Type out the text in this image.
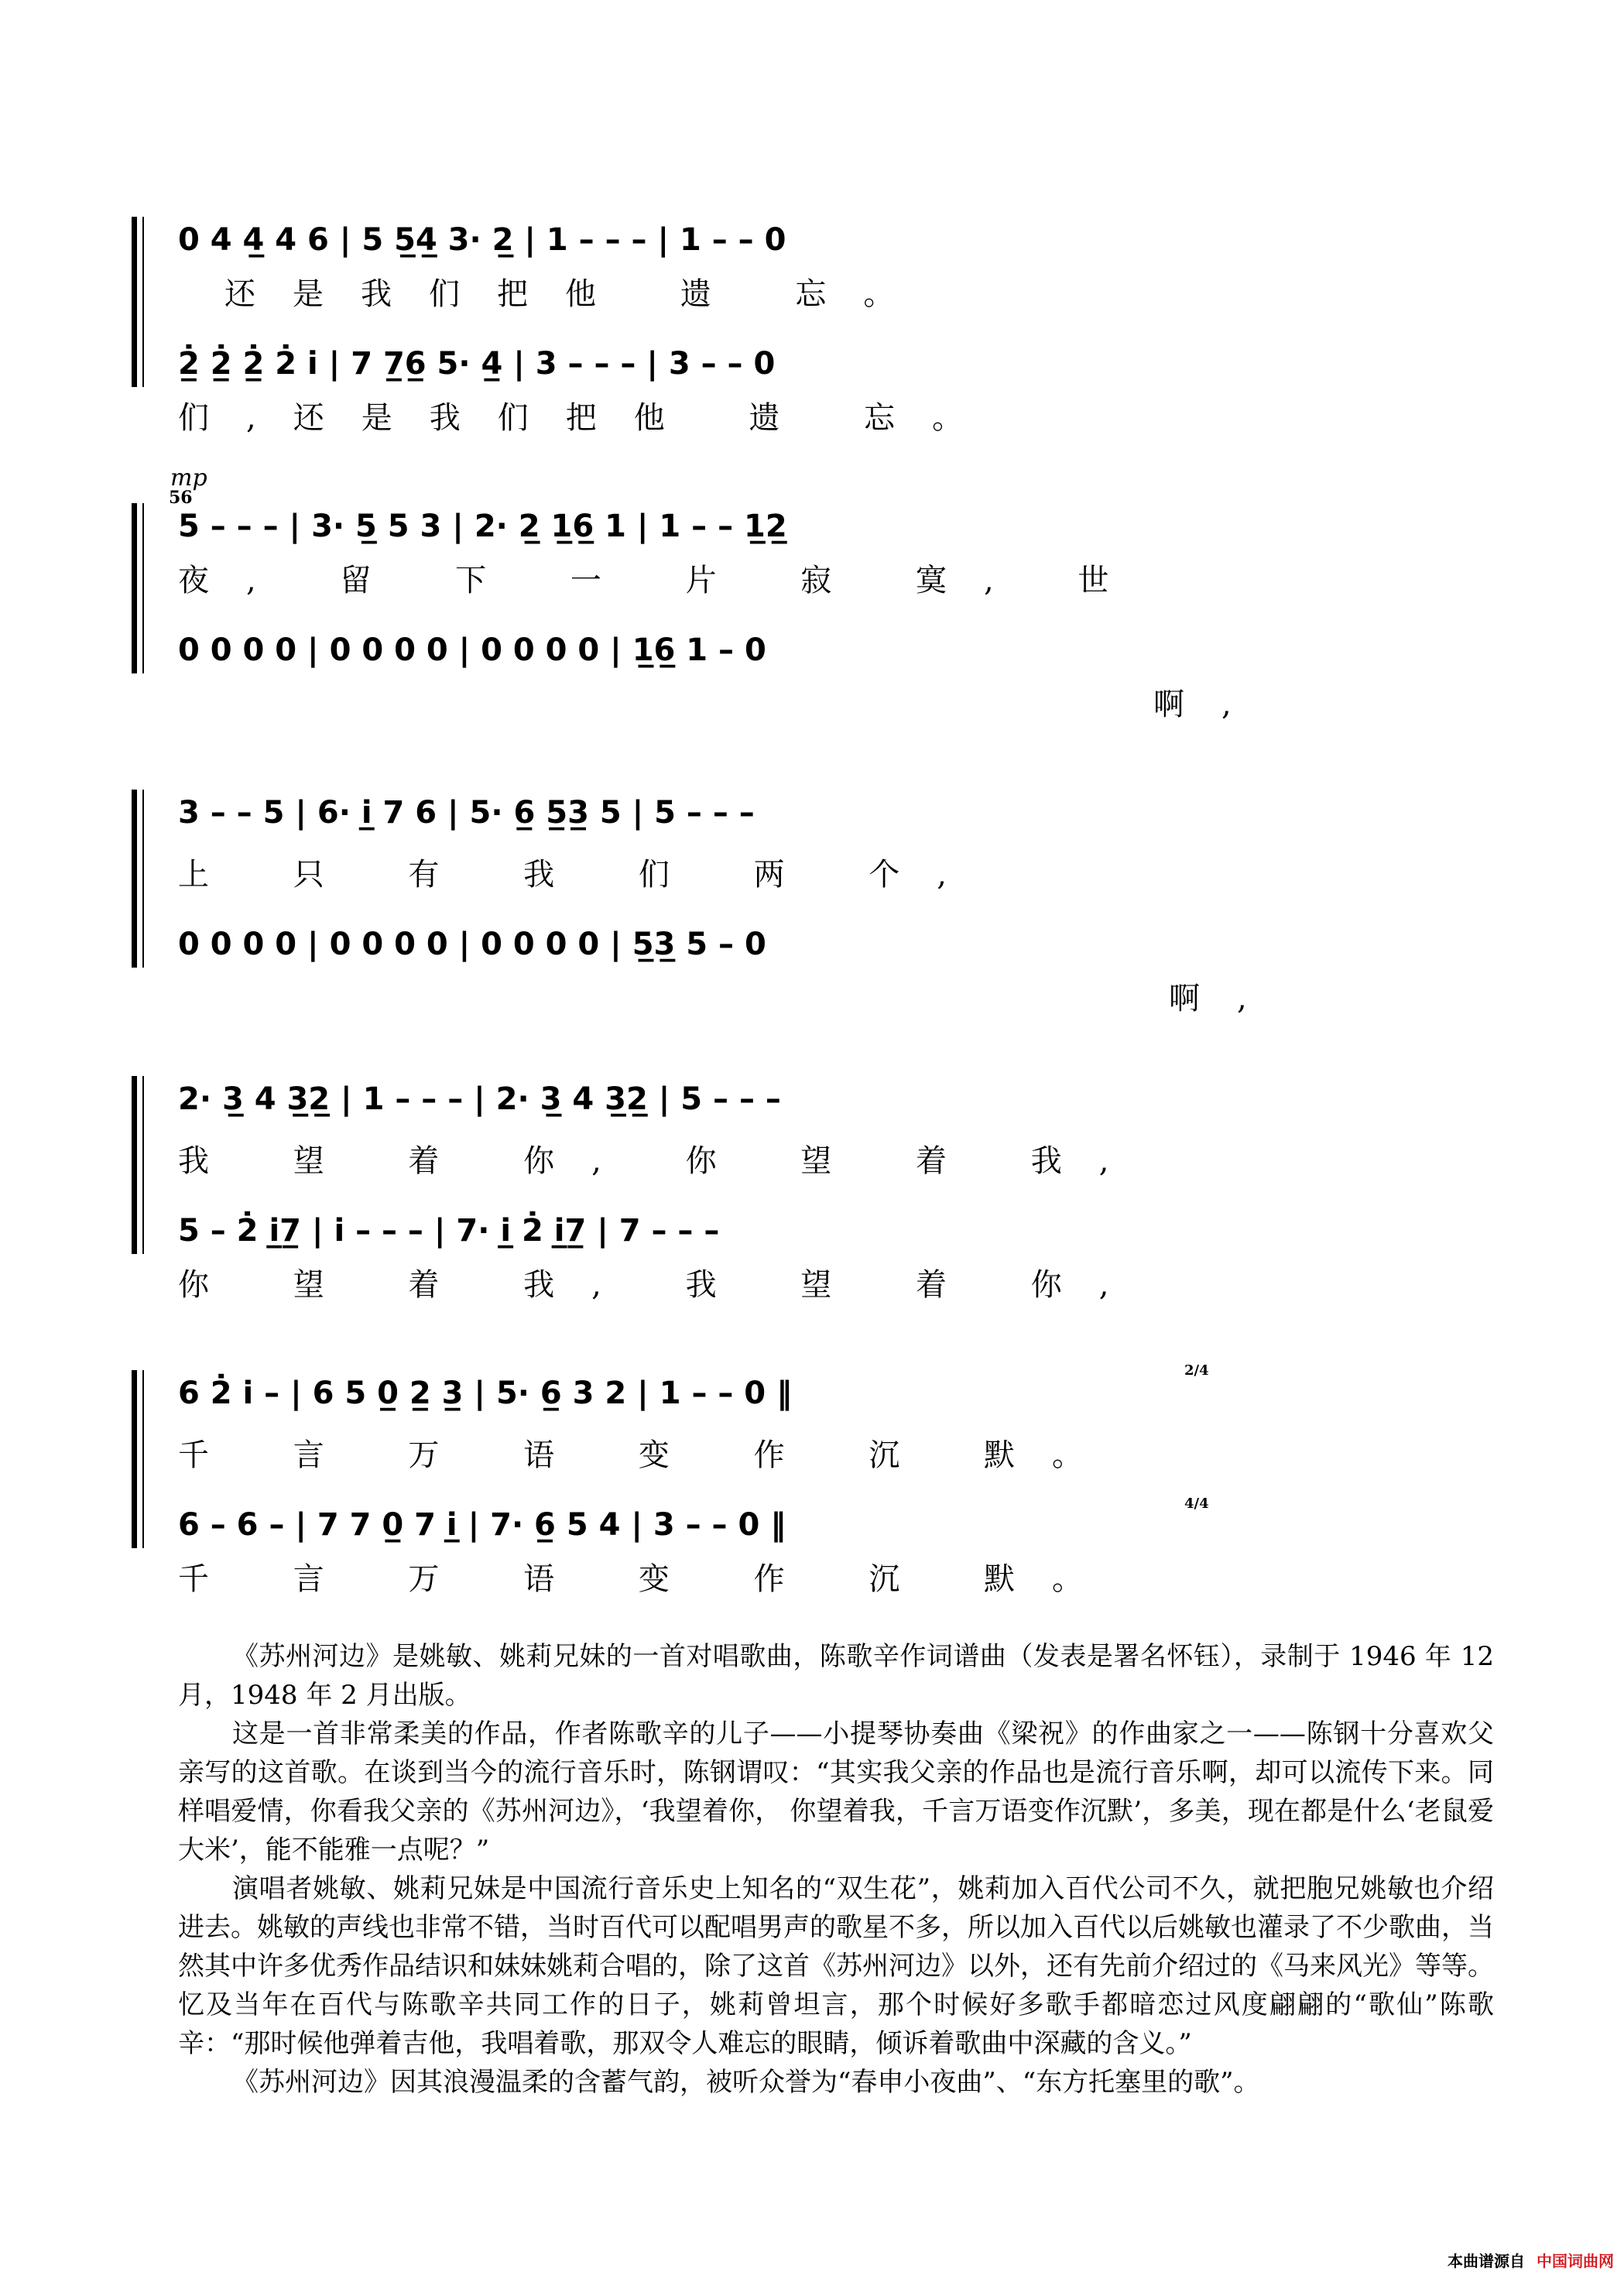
0 4 4̲ 4 6 | 5 5̲4̲ 3· 2̲ | 1 – – – | 1 – – 0
还是我们把他 遗 忘。
2̲̇ 2̲̇ 2̲̇ 2̇ i̇ | 7 7̲6̲ 5· 4̲ | 3 – – – | 3 – – 0
们,还是我们把他 遗 忘。
mp
56
5 – – – | 3· 5̲ 5 3 | 2· 2̲ 1̲6̲ 1 | 1 – – 1̲2̲
夜, 留 下 一 片 寂 寞, 世
0 0 0 0 | 0 0 0 0 | 0 0 0 0 | 1̲6̲ 1 – 0
啊,
3 – – 5 | 6· i̲ 7 6 | 5· 6̲ 5̲3̲ 5 | 5 – – –
上 只 有 我 们 两 个,
0 0 0 0 | 0 0 0 0 | 0 0 0 0 | 5̲3̲ 5 – 0
啊,
2· 3̲ 4 3̲2̲ | 1 – – – | 2· 3̲ 4 3̲2̲ | 5 – – –
我 望 着 你, 你 望 着 我,
5 – 2̇ i̲7̲ | i – – – | 7· i̲ 2̇ i̲7̲ | 7 – – –
你 望 着 我, 我 望 着 你,
6 2̇ i – | 6 5 0̲ 2̲ 3̲ | 5· 6̲ 3 2 | 1 – – 0 ‖
2/4
千 言 万 语 变 作 沉 默。
6 – 6 – | 7 7 0̲ 7 i̲ | 7· 6̲ 5 4 | 3 – – 0 ‖
4/4
千 言 万 语 变 作 沉 默。

《苏州河边》是姚敏、姚莉兄妹的一首对唱歌曲，陈歌辛作词谱曲（发表是署名怀钰），录制于 1946 年 12 月，1948 年 2 月出版。

这是一首非常柔美的作品，作者陈歌辛的儿子——小提琴协奏曲《梁祝》的作曲家之一——陈钢十分喜欢父亲写的这首歌。在谈到当今的流行音乐时，陈钢谓叹：“其实我父亲的作品也是流行音乐啊，却可以流传下来。同样唱爱情，你看我父亲的《苏州河边》，‘我望着你， 你望着我，千言万语变作沉默’，多美，现在都是什么‘老鼠爱大米’，能不能雅一点呢？”

演唱者姚敏、姚莉兄妹是中国流行音乐史上知名的“双生花”，姚莉加入百代公司不久，就把胞兄姚敏也介绍进去。姚敏的声线也非常不错，当时百代可以配唱男声的歌星不多，所以加入百代以后姚敏也灌录了不少歌曲，当然其中许多优秀作品结识和妹妹姚莉合唱的，除了这首《苏州河边》以外，还有先前介绍过的《马来风光》等等。忆及当年在百代与陈歌辛共同工作的日子，姚莉曾坦言，那个时候好多歌手都暗恋过风度翩翩的“歌仙”陈歌辛：“那时候他弹着吉他，我唱着歌，那双令人难忘的眼睛，倾诉着歌曲中深藏的含义。”

《苏州河边》因其浪漫温柔的含蓄气韵，被听众誉为“春申小夜曲”、“东方托塞里的歌”。

本曲谱源自 中国词曲网
